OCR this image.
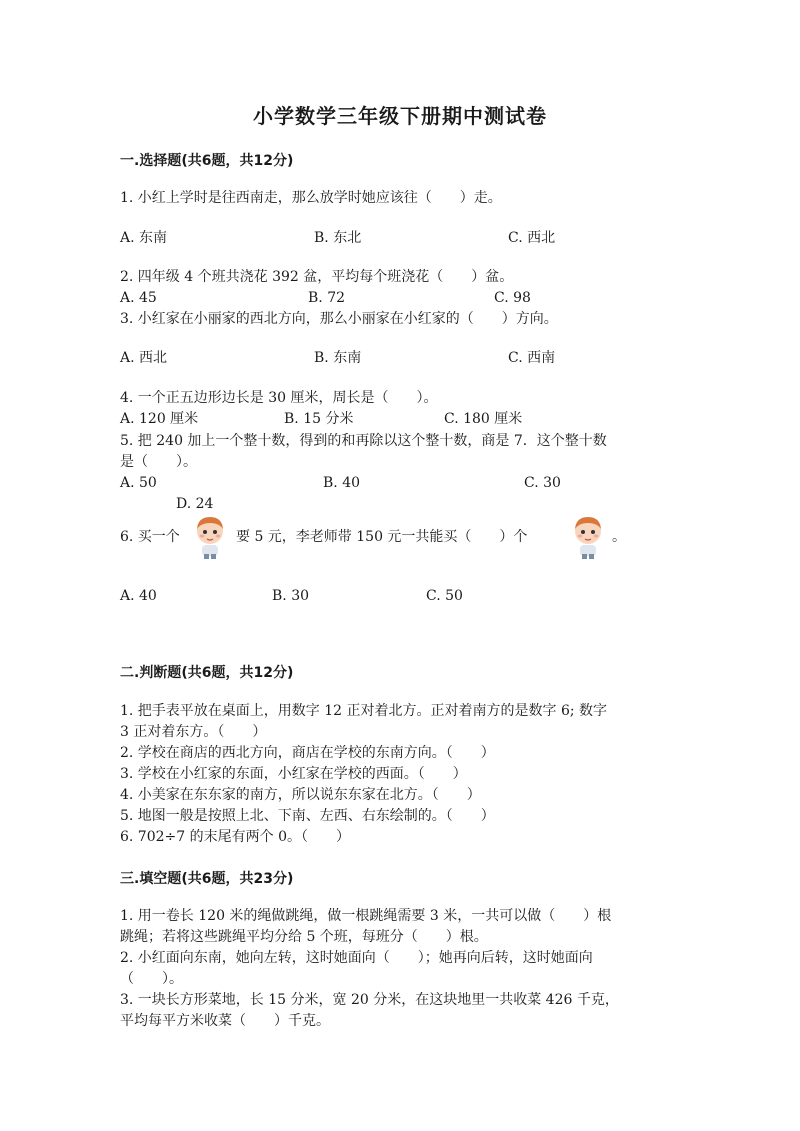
小学数学三年级下册期中测试卷
一.选择题(共6题，共12分)
1. 小红上学时是往西南走，那么放学时她应该往（　　）走。
A. 东南	B. 东北	C. 西北
2. 四年级 4 个班共浇花 392 盆，平均每个班浇花（　　）盆。
A. 45	B. 72	C. 98
3. 小红家在小丽家的西北方向，那么小丽家在小红家的（　　）方向。
A. 西北	B. 东南	C. 西南
4. 一个正五边形边长是 30 厘米，周长是（　　）。
A. 120 厘米	B. 15 分米	C. 180 厘米
5. 把 240 加上一个整十数，得到的和再除以这个整十数，商是 7．这个整十数
是（　　）。
A. 50	B. 40	C. 30
D. 24
6. 买一个	要 5 元，李老师带 150 元一共能买（　　）个	。
A. 40	B. 30	C. 50
二.判断题(共6题，共12分)
1. 把手表平放在桌面上，用数字 12 正对着北方。正对着南方的是数字 6; 数字
3 正对着东方。（　　）
2. 学校在商店的西北方向，商店在学校的东南方向。（　　）
3. 学校在小红家的东面，小红家在学校的西面。（　　）
4. 小美家在东东家的南方，所以说东东家在北方。（　　）
5. 地图一般是按照上北、下南、左西、右东绘制的。（　　）
6. 702÷7 的末尾有两个 0。（　　）
三.填空题(共6题，共23分)
1. 用一卷长 120 米的绳做跳绳，做一根跳绳需要 3 米，一共可以做（　　）根
跳绳；若将这些跳绳平均分给 5 个班，每班分（　　）根。
2. 小红面向东南，她向左转，这时她面向（　　）；她再向后转，这时她面向
（　　）。
3. 一块长方形菜地，长 15 分米，宽 20 分米，在这块地里一共收菜 426 千克，
平均每平方米收菜（　　）千克。
